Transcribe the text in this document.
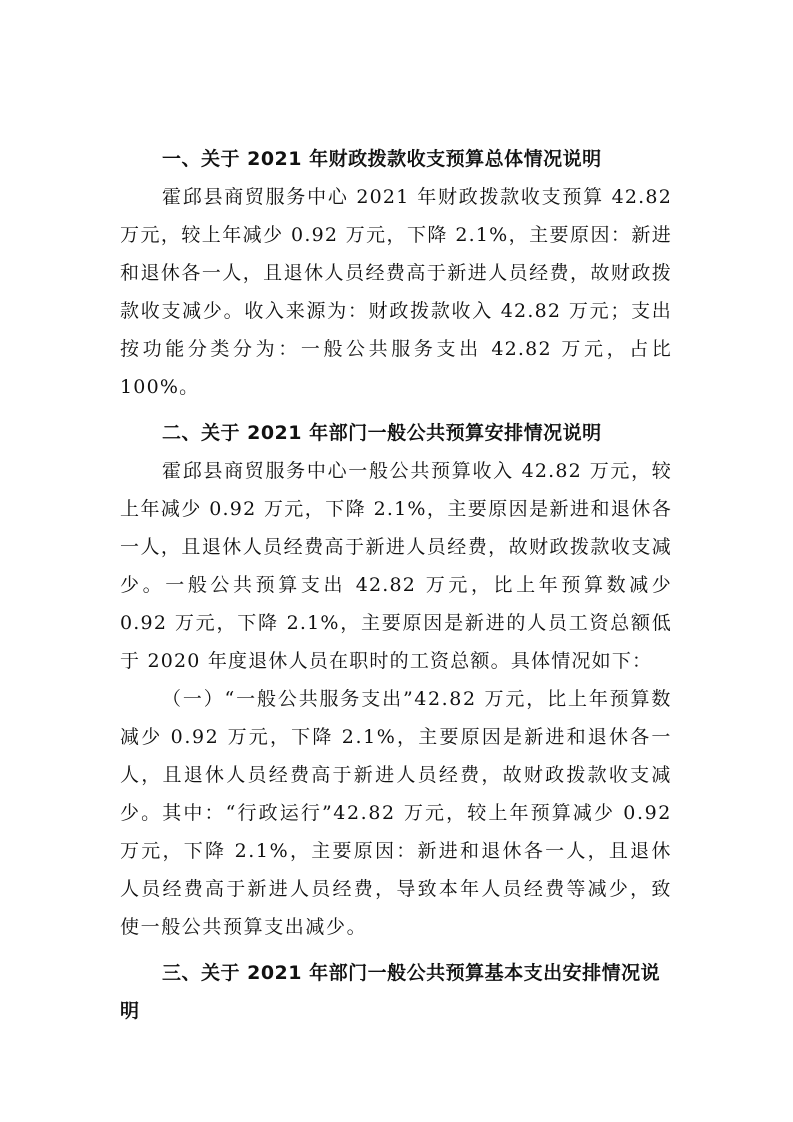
一、关于 2021 年财政拨款收支预算总体情况说明

霍邱县商贸服务中心 2021 年财政拨款收支预算 42.82 万元，较上年减少 0.92 万元，下降 2.1%，主要原因：新进和退休各一人，且退休人员经费高于新进人员经费，故财政拨款收支减少。收入来源为：财政拨款收入 42.82 万元；支出按功能分类分为：一般公共服务支出 42.82 万元，占比 100%。

二、关于 2021 年部门一般公共预算安排情况说明

霍邱县商贸服务中心一般公共预算收入 42.82 万元，较上年减少 0.92 万元，下降 2.1%，主要原因是新进和退休各一人，且退休人员经费高于新进人员经费，故财政拨款收支减少。一般公共预算支出 42.82 万元，比上年预算数减少 0.92 万元，下降 2.1%，主要原因是新进的人员工资总额低于 2020 年度退休人员在职时的工资总额。具体情况如下：

（一）“一般公共服务支出”42.82 万元，比上年预算数减少 0.92 万元，下降 2.1%，主要原因是新进和退休各一人，且退休人员经费高于新进人员经费，故财政拨款收支减少。其中：“行政运行”42.82 万元，较上年预算减少 0.92 万元，下降 2.1%，主要原因：新进和退休各一人，且退休人员经费高于新进人员经费，导致本年人员经费等减少，致使一般公共预算支出减少。

三、关于 2021 年部门一般公共预算基本支出安排情况说明
